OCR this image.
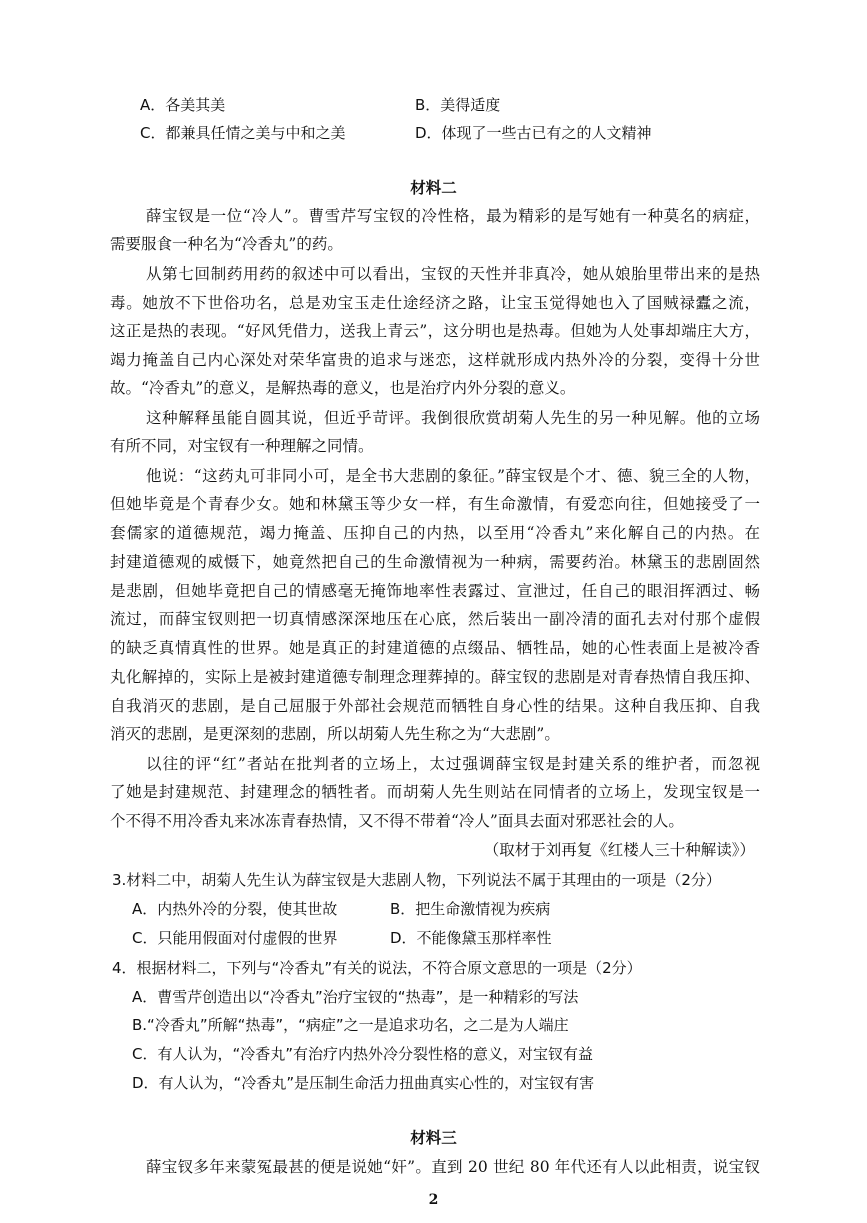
A．各美其美	B．美得适度
C．都兼具任情之美与中和之美	D．体现了一些古已有之的人文精神
材料二
薛宝钗是一位“冷人”。曹雪芹写宝钗的冷性格，最为精彩的是写她有一种莫名的病症，
需要服食一种名为“冷香丸”的药。
从第七回制药用药的叙述中可以看出，宝钗的天性并非真冷，她从娘胎里带出来的是热
毒。她放不下世俗功名，总是劝宝玉走仕途经济之路，让宝玉觉得她也入了国贼禄蠹之流，
这正是热的表现。“好风凭借力，送我上青云”，这分明也是热毒。但她为人处事却端庄大方，
竭力掩盖自己内心深处对荣华富贵的追求与迷恋，这样就形成内热外冷的分裂，变得十分世
故。“冷香丸”的意义，是解热毒的意义，也是治疗内外分裂的意义。
这种解释虽能自圆其说，但近乎苛评。我倒很欣赏胡菊人先生的另一种见解。他的立场
有所不同，对宝钗有一种理解之同情。
他说：“这药丸可非同小可，是全书大悲剧的象征。”薛宝钗是个才、德、貌三全的人物，
但她毕竟是个青春少女。她和林黛玉等少女一样，有生命激情，有爱恋向往，但她接受了一
套儒家的道德规范，竭力掩盖、压抑自己的内热，以至用“冷香丸”来化解自己的内热。在
封建道德观的威慑下，她竟然把自己的生命激情视为一种病，需要药治。林黛玉的悲剧固然
是悲剧，但她毕竟把自己的情感毫无掩饰地率性表露过、宣泄过，任自己的眼泪挥洒过、畅
流过，而薛宝钗则把一切真情感深深地压在心底，然后装出一副冷清的面孔去对付那个虚假
的缺乏真情真性的世界。她是真正的封建道德的点缀品、牺牲品，她的心性表面上是被冷香
丸化解掉的，实际上是被封建道德专制理念理葬掉的。薛宝钗的悲剧是对青春热情自我压抑、
自我消灭的悲剧，是自己屈服于外部社会规范而牺牲自身心性的结果。这种自我压抑、自我
消灭的悲剧，是更深刻的悲剧，所以胡菊人先生称之为“大悲剧”。
以往的评“红”者站在批判者的立场上，太过强调薛宝钗是封建关系的维护者，而忽视
了她是封建规范、封建理念的牺牲者。而胡菊人先生则站在同情者的立场上，发现宝钗是一
个不得不用冷香丸来冰冻青春热情，又不得不带着“冷人”面具去面对邪恶社会的人。
（取材于刘再复《红楼人三十种解读》）
3.材料二中，胡菊人先生认为薛宝钗是大悲剧人物，下列说法不属于其理由的一项是（2分）
A．内热外冷的分裂，使其世故	B．把生命激情视为疾病
C．只能用假面对付虚假的世界	D．不能像黛玉那样率性
4．根据材料二，下列与“冷香丸”有关的说法，不符合原文意思的一项是（2分）
A．曹雪芹创造出以“冷香丸”治疗宝钗的“热毒”，是一种精彩的写法
B.“冷香丸”所解“热毒”，“病症”之一是追求功名，之二是为人端庄
C．有人认为，“冷香丸”有治疗内热外冷分裂性格的意义，对宝钗有益
D．有人认为，“冷香丸”是压制生命活力扭曲真实心性的，对宝钗有害
材料三
薛宝钗多年来蒙冤最甚的便是说她“奸”。直到 20 世纪 80 年代还有人以此相责，说宝钗
2
